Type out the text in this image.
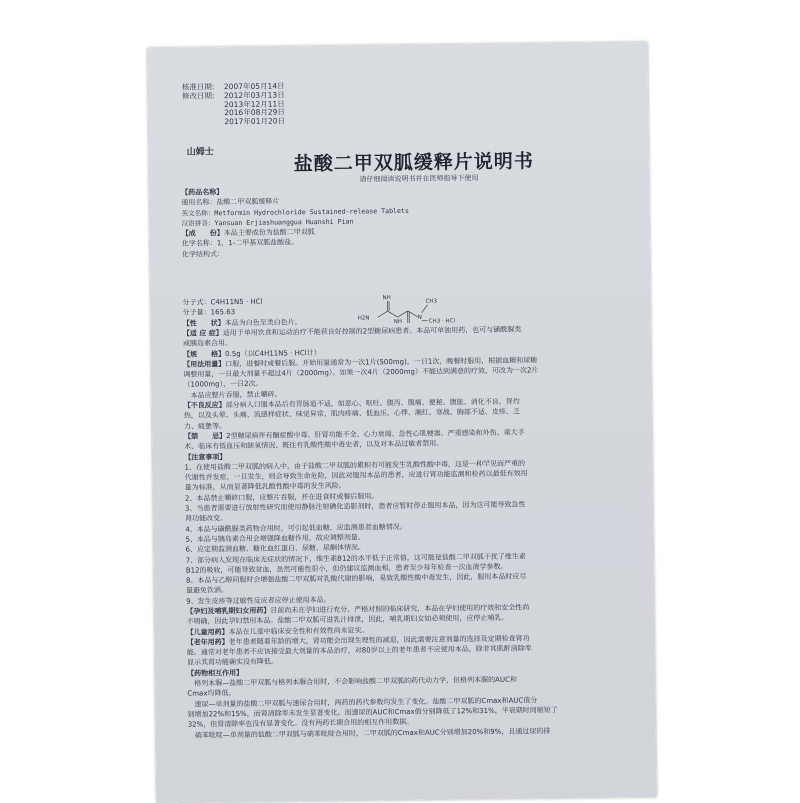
核准日期:	2007年05月14日
修改日期:	2012年03月13日
2013年12月11日
2016年08月29日
2017年01月20日
山姆士	盐酸二甲双胍缓释片说明书
请仔细阅读说明书并在医师指导下使用
H2N
NH
NH
N
CH3
CH3 · HCl
【药品名称】
通用名称：盐酸二甲双胍缓释片
英文名称：Metformin Hydrochloride Sustained-release Tablets
汉语拼音：Yansuan Erjiashuanggua Huanshi Pian
【成　　份】本品主要成份为盐酸二甲双胍
化学名称：1，1-二甲基双胍盐酸盐。
化学结构式：
分子式：C4H11N5 · HCl
分子量：165.63
【性　　状】本品为白色至类白色片。
【适 应 症】适用于单用饮食和运动治疗不能获良好控制的2型糖尿病患者。本品可单独用药，也可与磺酰脲类
或胰岛素合用。
【规　　格】0.5g（以C4H11N5 · HCl计）
【用法用量】口服，进餐时或餐后服。开始用量通常为一次1片(500mg)，一日1次，晚餐时服用，根据血糖和尿糖
调整用量，一日最大剂量不超过4片（2000mg）。如果一次4片（2000mg）不能达到满意的疗效，可改为一次2片
（1000mg），一日2次。
　本品应整片吞服，禁止嚼碎。
【不良反应】部分病人口服本品后有胃肠道不适，如恶心、呕吐、腹泻、腹痛、便秘、腹胀、消化不良、胃灼
热，以及头晕、头痛、流感样症状、味觉异常、肌肉疼痛、低血压、心悸、潮红、寒战、胸部不适、皮疹、乏
力、疲惫等。
【禁　　忌】2型糖尿病伴有酮症酸中毒、肝肾功能不全、心力衰竭、急性心肌梗塞、严重感染和外伤、重大手
术、临床有低血压和缺氧情况、既往有乳酸性酸中毒史者，以及对本品过敏者禁用。
【注意事项】
1、在使用盐酸二甲双胍的病人中，由于盐酸二甲双胍的累积有可能发生乳酸性酸中毒，这是一种罕见而严重的
代谢性并发症，一旦发生，则会导致生命危险，因此对服用本品的患者，应进行肾功能监测和检药以最低有效用
量为标准，从而显著降低乳酸性酸中毒的发生风险。
2、本品禁止嚼碎口服，应整片吞服，并在进食时或餐后服用。
3、当患者需要进行放射性研究而使用静脉注射碘化造影剂时，患者应暂时停止服用本品，因为这可能导致急性
肾功能改变。
4、本品与磺酰脲类药物合用时，可引起低血糖，应监测患者血糖情况。
5、本品与胰岛素合用会增强降血糖作用，故应调整剂量。
6、应定期监测血糖、糖化血红蛋白、尿糖、尿酮体情况。
7、部分病人发现在临床无症状的情况下，维生素B12的水平低于正常值，这可能是盐酸二甲双胍干扰了维生素
B12的吸收，可能导致贫血，虽然可能性很小，但仍建议监测血相，患者至少每年检查一次血液学参数。
8、本品与乙醇同服时会增强盐酸二甲双胍对乳酸代谢的影响，易致乳酸性酸中毒发生，因此，服用本品时应尽
量避免饮酒。
9、发生皮疹等过敏性反应者应停止使用本品。
【孕妇及哺乳期妇女用药】目前尚未在孕妇进行充分、严格对照的临床研究，本品在孕妇使用的疗效和安全性尚
不明确，因此孕妇禁用本品。盐酸二甲双胍可进乳汁排泄，因此，哺乳期妇女如必须使用，应停止哺乳。
【儿童用药】本品在儿童中临床安全性和有效性尚未证实。
【老年用药】老年患者随着年龄的增大，肾功能会出现生理性的减退，因此需要注意剂量的选择及定期检查肾功
能。通常对老年患者不应该接受最大剂量的本品治疗，对80岁以上的老年患者不应使用本品，除非其肌酐清除率
显示其肾功能确实没有降低。
【药物相互作用】
　格列本脲—盐酸二甲双胍与格列本脲合用时，不会影响盐酸二甲双胍的药代动力学，但格列本脲的AUC和
Cmax均降低。
　速尿—单剂量的盐酸二甲双胍与速尿合用时，两药的药代参数均发生了变化。盐酸二甲双胍的Cmax和AUC值分
别增加22%和15%，而肾清除率未发生显著变化。而速尿的AUC和Cmax值分别降低了12%和31%，半衰期时间缩短了
32%，但肾清除率也没有显著变化。没有两药长期合用的相互作用数据。
　硝苯吡啶—单剂量的盐酸二甲双胍与硝苯吡啶合用时，二甲双胍的Cmax和AUC分别增加20%和9%，且通过尿的排
